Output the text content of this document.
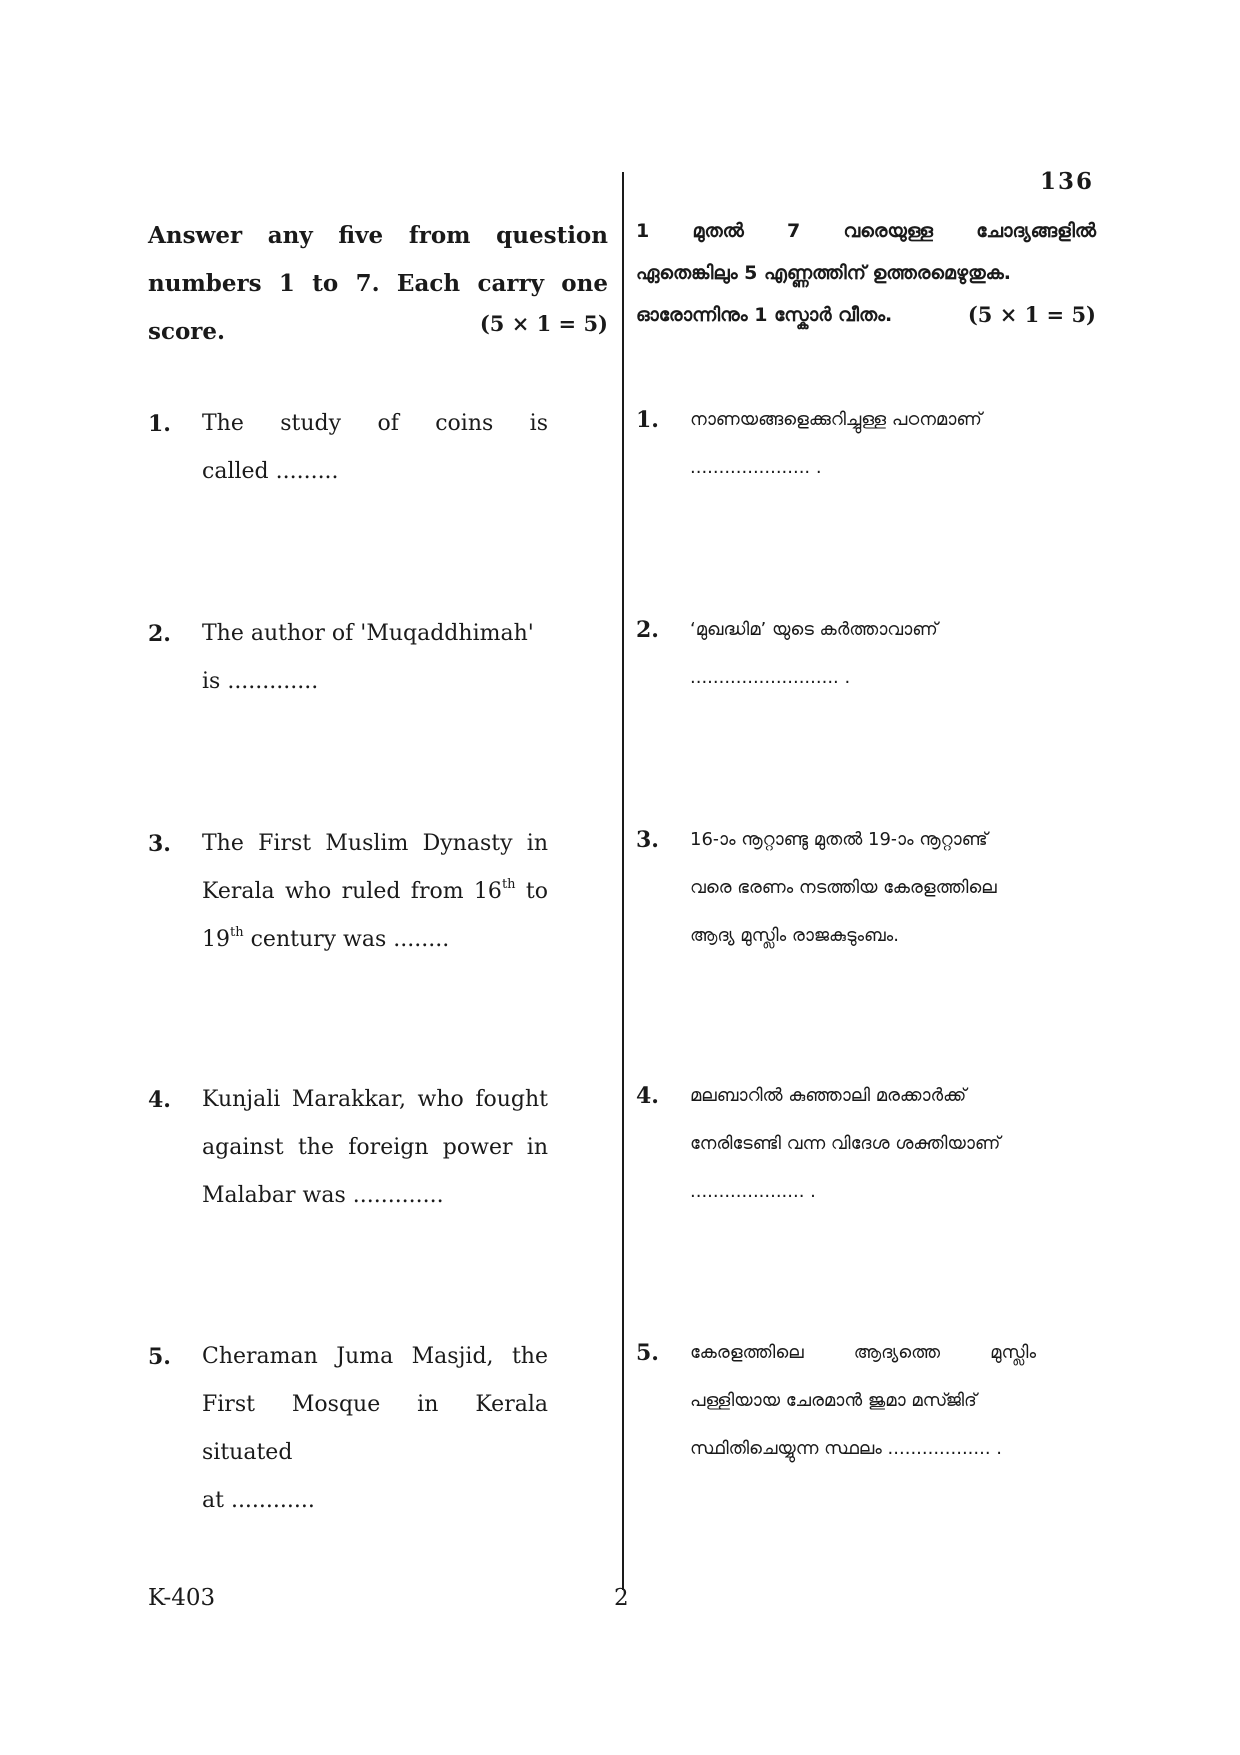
136
Answer any five from question
numbers 1 to 7. Each carry one
score.	(5 × 1 = 5)
1 മുതൽ 7 വരെയുള്ള ചോദ്യങ്ങളിൽ
ഏതെങ്കിലും 5 എണ്ണത്തിന് ഉത്തരമെഴുതുക.
ഓരോന്നിനും 1 സ്കോർ വീതം.	(5 × 1 = 5)
1.	The study of coins is
called .........
1.	നാണയങ്ങളെക്കുറിച്ചുള്ള പഠനമാണ്
..................... .
2.	The author of 'Muqaddhimah'
is .............
2.	‘മുഖദ്ധിമ’ യുടെ കർത്താവാണ്
.......................... .
3.	The First Muslim Dynasty in
Kerala who ruled from 16th to
19th century was ........
3.	16-ാം നൂറ്റാണ്ടു മുതൽ 19-ാം നൂറ്റാണ്ട്
വരെ ഭരണം നടത്തിയ കേരളത്തിലെ
ആദ്യ മുസ്ലിം രാജകുടുംബം.
4.	Kunjali Marakkar, who fought
against the foreign power in
Malabar was .............
4.	മലബാറിൽ കുഞ്ഞാലി മരക്കാർക്ക്
നേരിടേണ്ടി വന്ന വിദേശ ശക്തിയാണ്
.................... .
5.	Cheraman Juma Masjid, the
First Mosque in Kerala situated
at ............
5.	കേരളത്തിലെ ആദ്യത്തെ മുസ്ലിം
പള്ളിയായ ചേരമാൻ ജുമാ മസ്ജിദ്
സ്ഥിതിചെയ്യുന്ന സ്ഥലം .................. .
K-403	2
